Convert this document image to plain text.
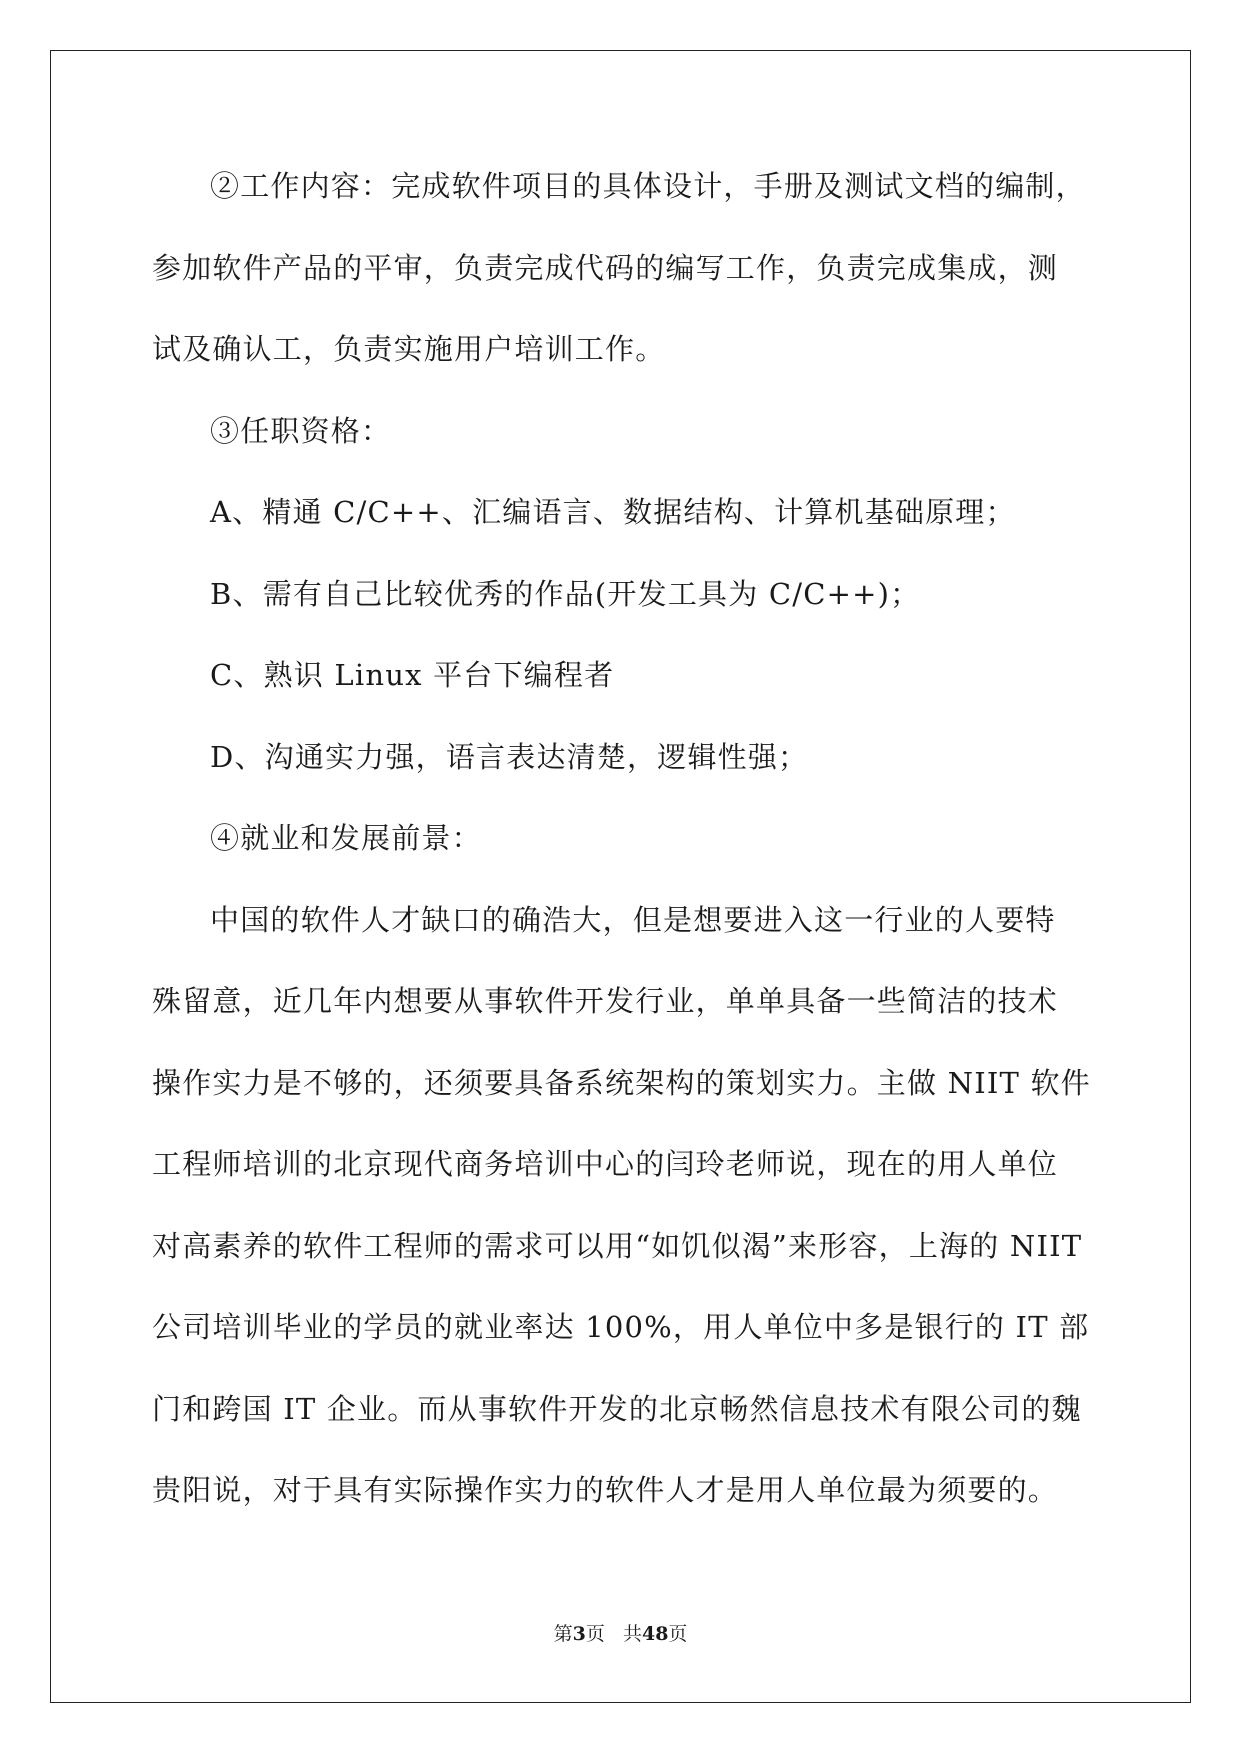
②工作内容：完成软件项目的具体设计，手册及测试文档的编制，
参加软件产品的平审，负责完成代码的编写工作，负责完成集成，测
试及确认工，负责实施用户培训工作。
③任职资格：
A、精通 C/C++、汇编语言、数据结构、计算机基础原理；
B、需有自己比较优秀的作品(开发工具为 C/C++)；
C、熟识 Linux 平台下编程者
D、沟通实力强，语言表达清楚，逻辑性强；
④就业和发展前景：
中国的软件人才缺口的确浩大，但是想要进入这一行业的人要特
殊留意，近几年内想要从事软件开发行业，单单具备一些简洁的技术
操作实力是不够的，还须要具备系统架构的策划实力。主做 NIIT 软件
工程师培训的北京现代商务培训中心的闫玲老师说，现在的用人单位
对高素养的软件工程师的需求可以用“如饥似渴”来形容，上海的 NIIT
公司培训毕业的学员的就业率达 100%，用人单位中多是银行的 IT 部
门和跨国 IT 企业。而从事软件开发的北京畅然信息技术有限公司的魏
贵阳说，对于具有实际操作实力的软件人才是用人单位最为须要的。
第3页 共48页
